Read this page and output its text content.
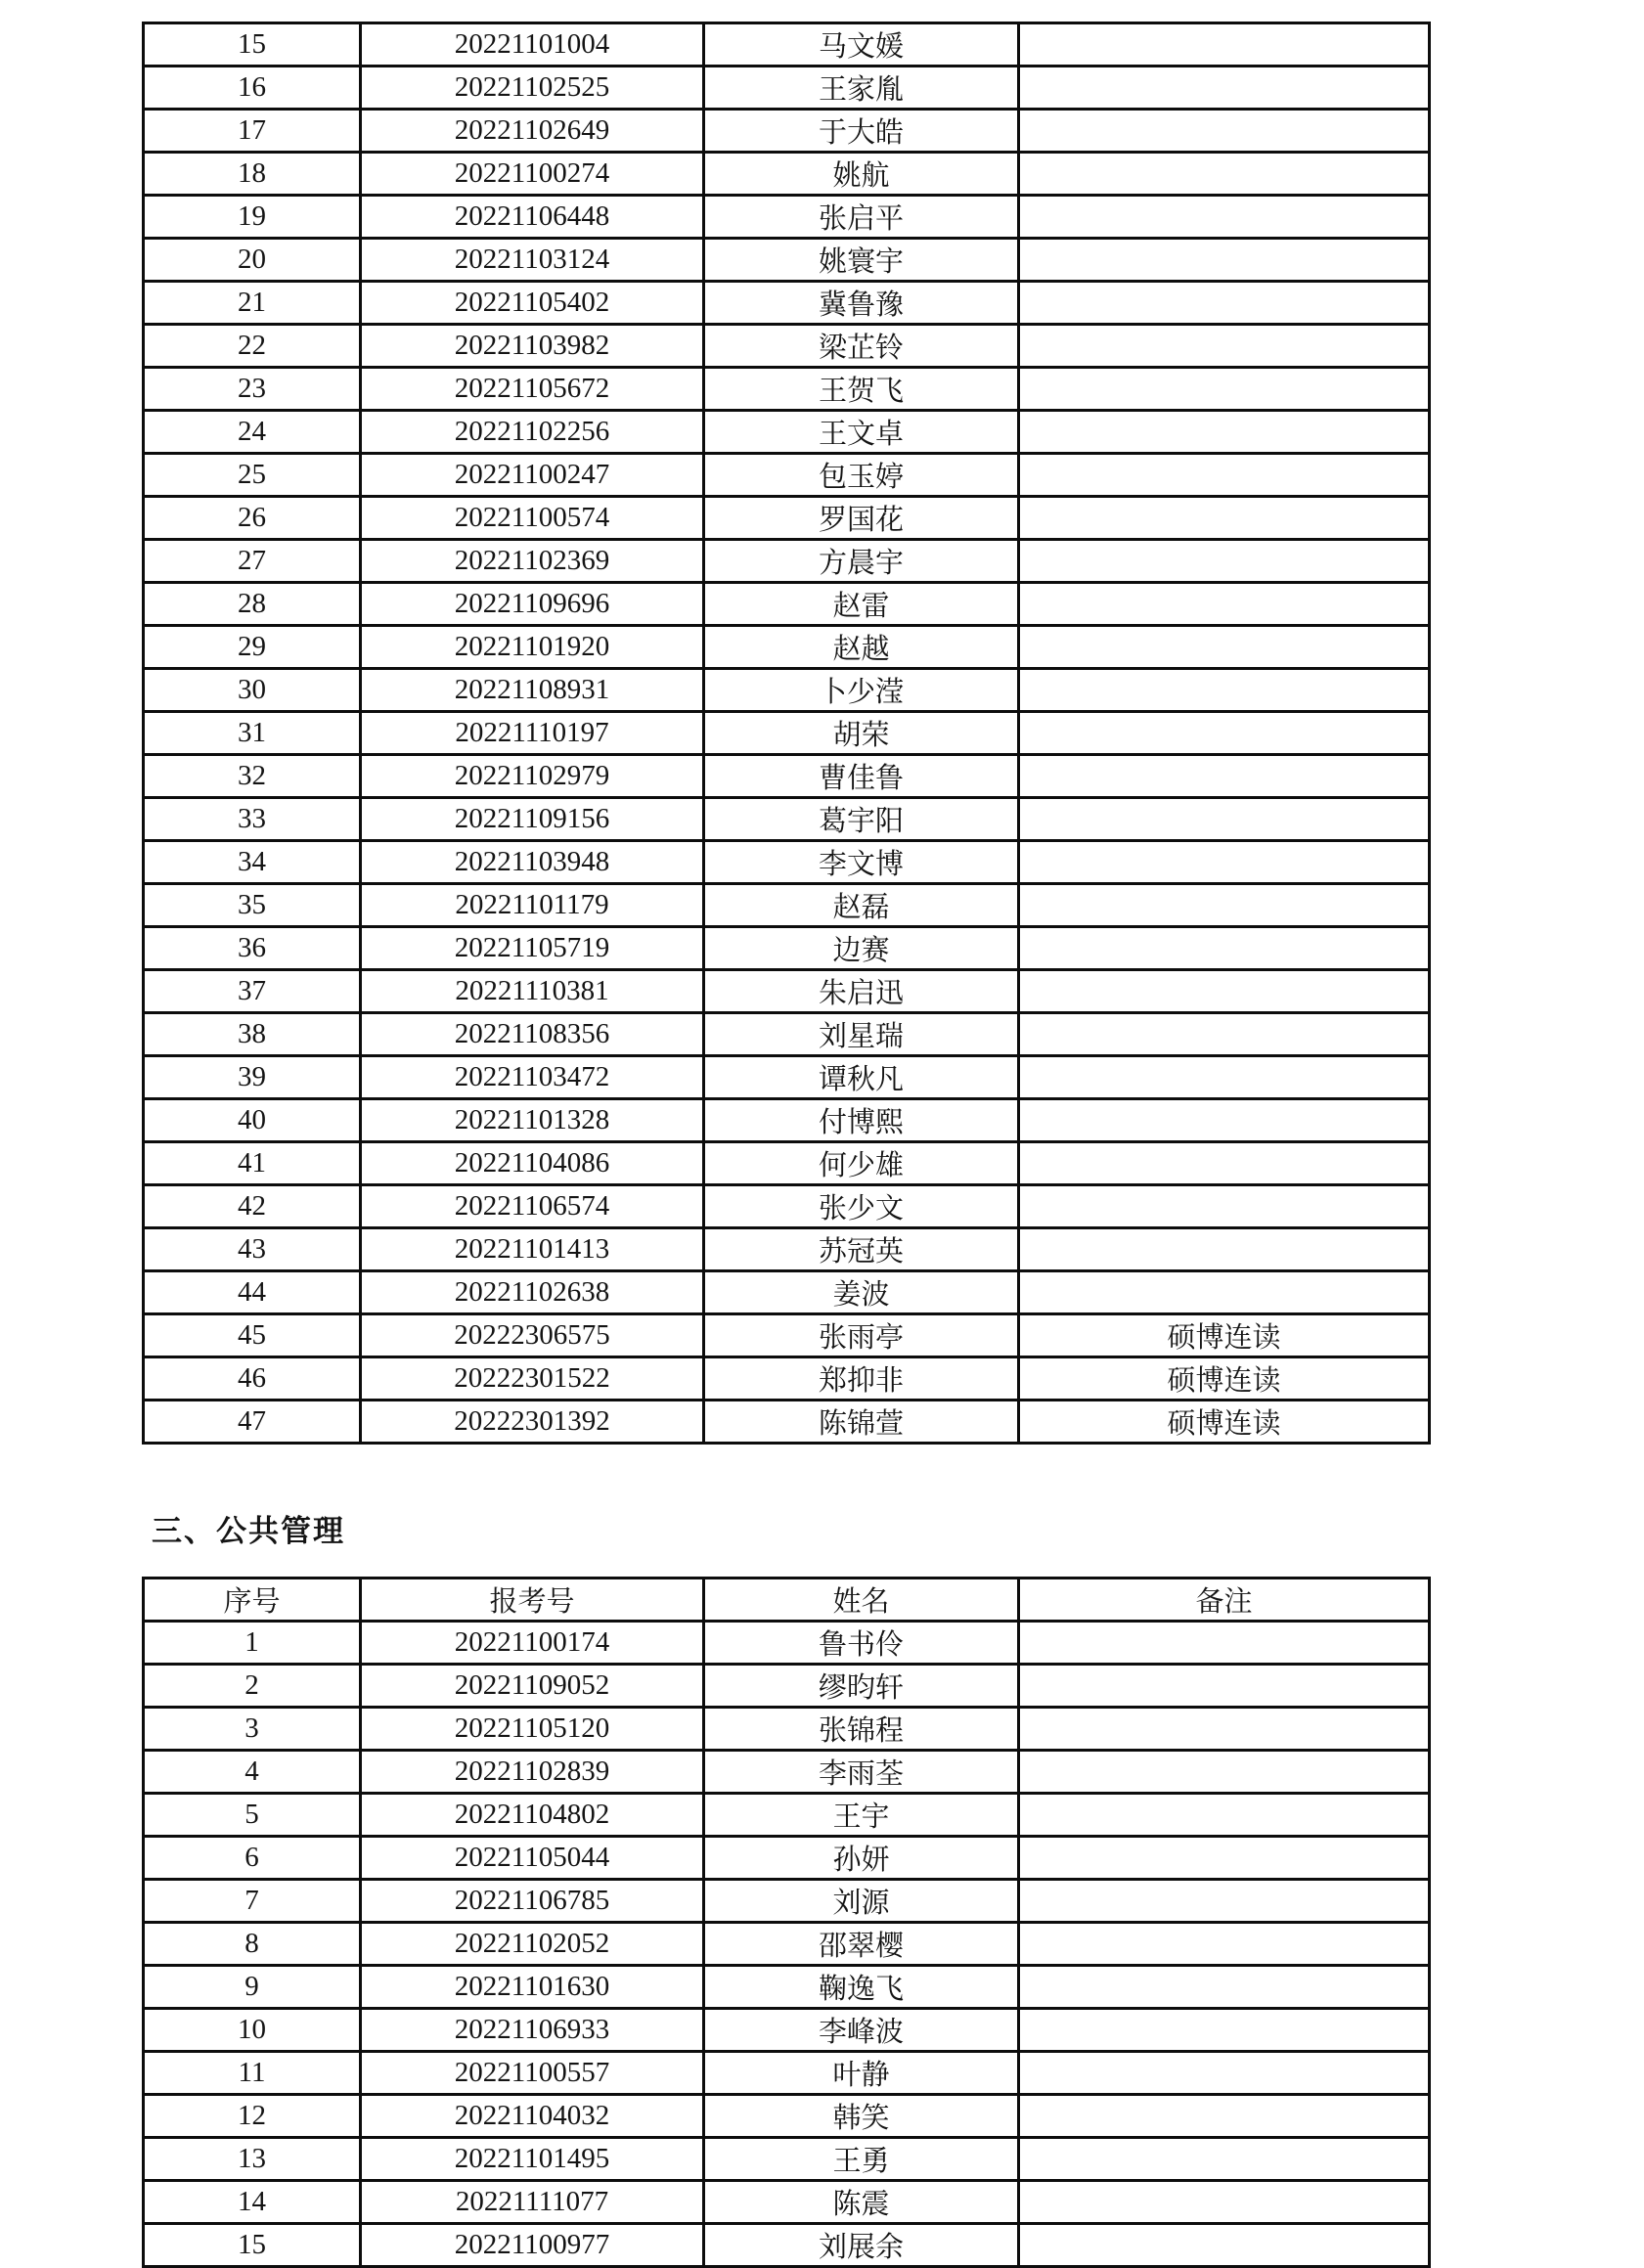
15	20221101004	马文媛	
16	20221102525	王家胤	
17	20221102649	于大皓	
18	20221100274	姚航	
19	20221106448	张启平	
20	20221103124	姚寰宇	
21	20221105402	冀鲁豫	
22	20221103982	梁芷铃	
23	20221105672	王贺飞	
24	20221102256	王文卓	
25	20221100247	包玉婷	
26	20221100574	罗国花	
27	20221102369	方晨宇	
28	20221109696	赵雷	
29	20221101920	赵越	
30	20221108931	卜少滢	
31	20221110197	胡荣	
32	20221102979	曹佳鲁	
33	20221109156	葛宇阳	
34	20221103948	李文博	
35	20221101179	赵磊	
36	20221105719	边赛	
37	20221110381	朱启迅	
38	20221108356	刘星瑞	
39	20221103472	谭秋凡	
40	20221101328	付博熙	
41	20221104086	何少雄	
42	20221106574	张少文	
43	20221101413	苏冠英	
44	20221102638	姜波	
45	20222306575	张雨亭	硕博连读
46	20222301522	郑抑非	硕博连读
47	20222301392	陈锦萱	硕博连读
三、公共管理
序号	报考号	姓名	备注
1	20221100174	鲁书伶	
2	20221109052	缪昀轩	
3	20221105120	张锦程	
4	20221102839	李雨荃	
5	20221104802	王宇	
6	20221105044	孙妍	
7	20221106785	刘源	
8	20221102052	邵翠樱	
9	20221101630	鞠逸飞	
10	20221106933	李峰波	
11	20221100557	叶静	
12	20221104032	韩笑	
13	20221101495	王勇	
14	20221111077	陈震	
15	20221100977	刘展余	
